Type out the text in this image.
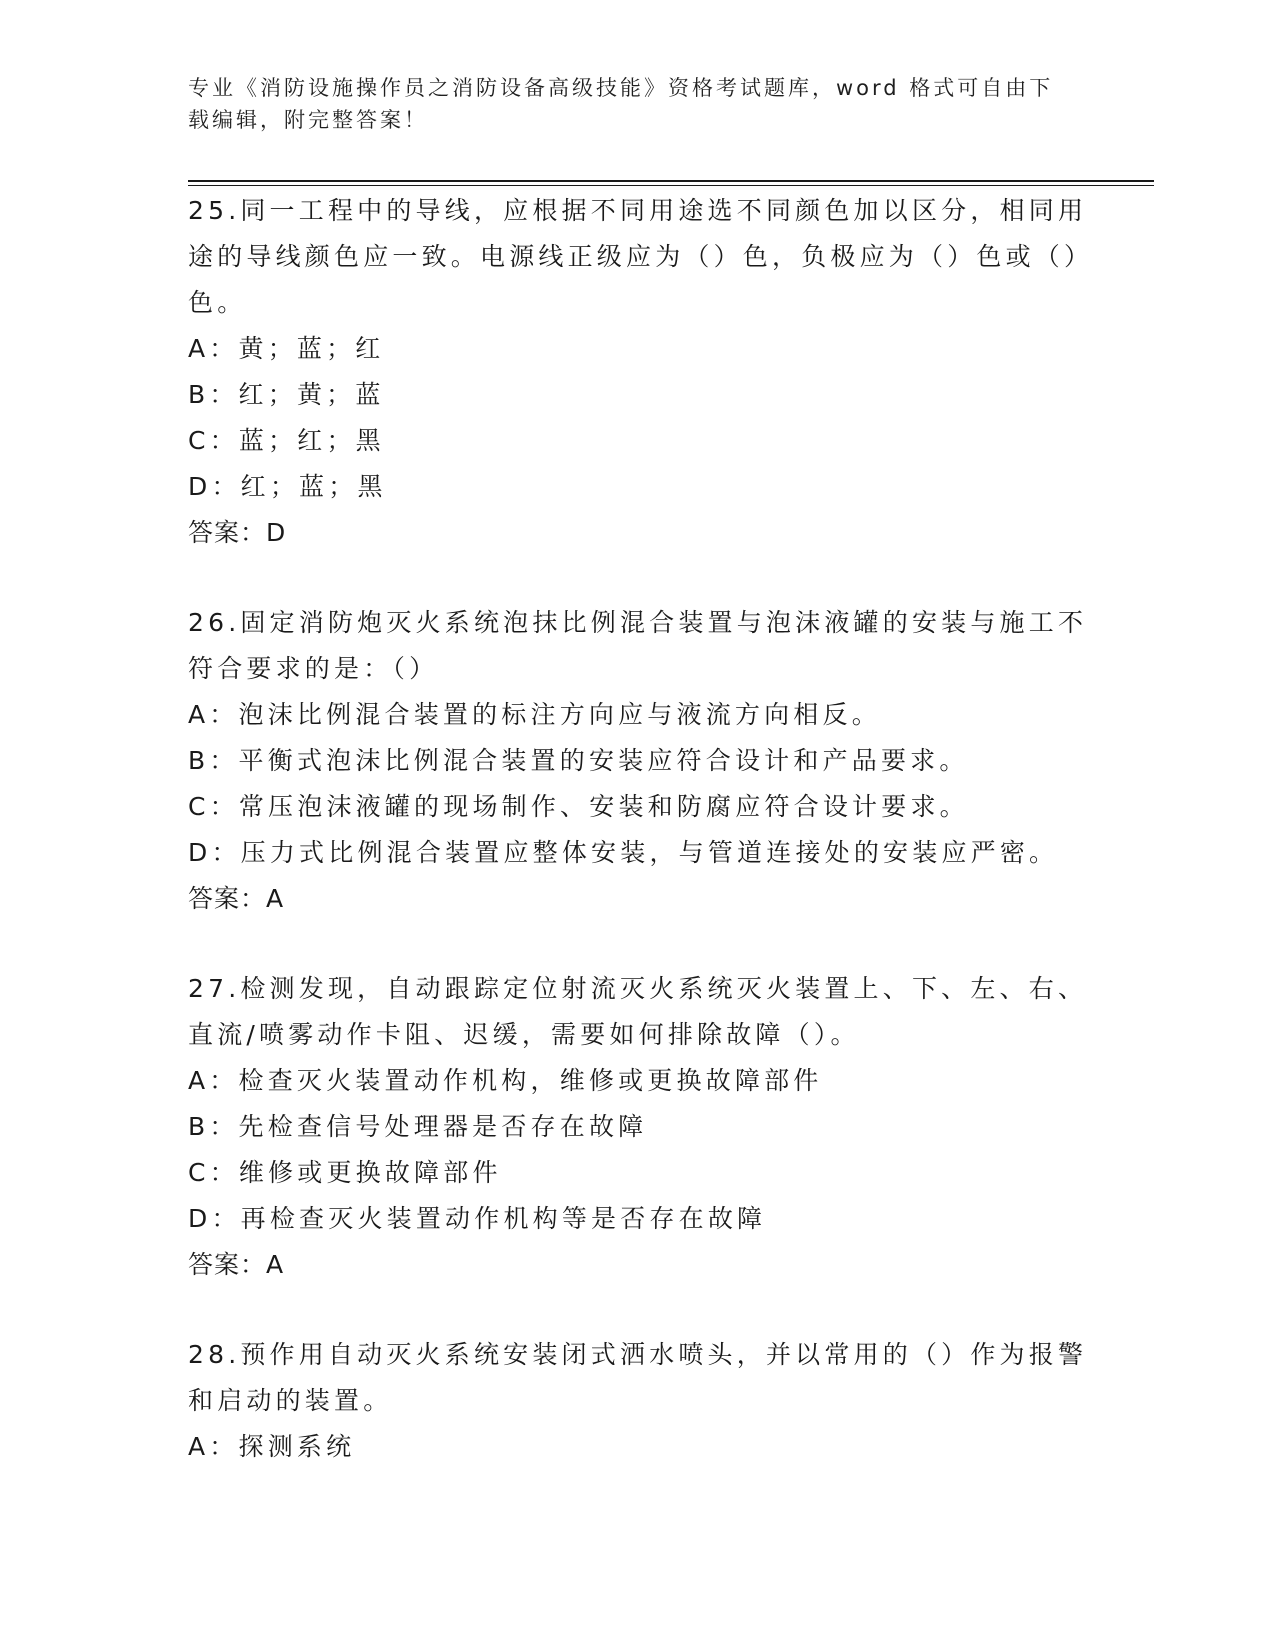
专业《消防设施操作员之消防设备高级技能》资格考试题库，word 格式可自由下载编辑，附完整答案！

25.同一工程中的导线，应根据不同用途选不同颜色加以区分，相同用途的导线颜色应一致。电源线正级应为（）色，负极应为（）色或（）色。

A：黄；蓝；红

B：红；黄；蓝

C：蓝；红；黑

D：红；蓝；黑

答案：D

26.固定消防炮灭火系统泡抹比例混合装置与泡沫液罐的安装与施工不符合要求的是：（）

A：泡沫比例混合装置的标注方向应与液流方向相反。

B：平衡式泡沫比例混合装置的安装应符合设计和产品要求。

C：常压泡沫液罐的现场制作、安装和防腐应符合设计要求。

D：压力式比例混合装置应整体安装，与管道连接处的安装应严密。

答案：A

27.检测发现，自动跟踪定位射流灭火系统灭火装置上、下、左、右、直流/喷雾动作卡阻、迟缓，需要如何排除故障（）。

A：检查灭火装置动作机构，维修或更换故障部件

B：先检查信号处理器是否存在故障

C：维修或更换故障部件

D：再检查灭火装置动作机构等是否存在故障

答案：A

28.预作用自动灭火系统安装闭式洒水喷头，并以常用的（）作为报警和启动的装置。

A：探测系统
